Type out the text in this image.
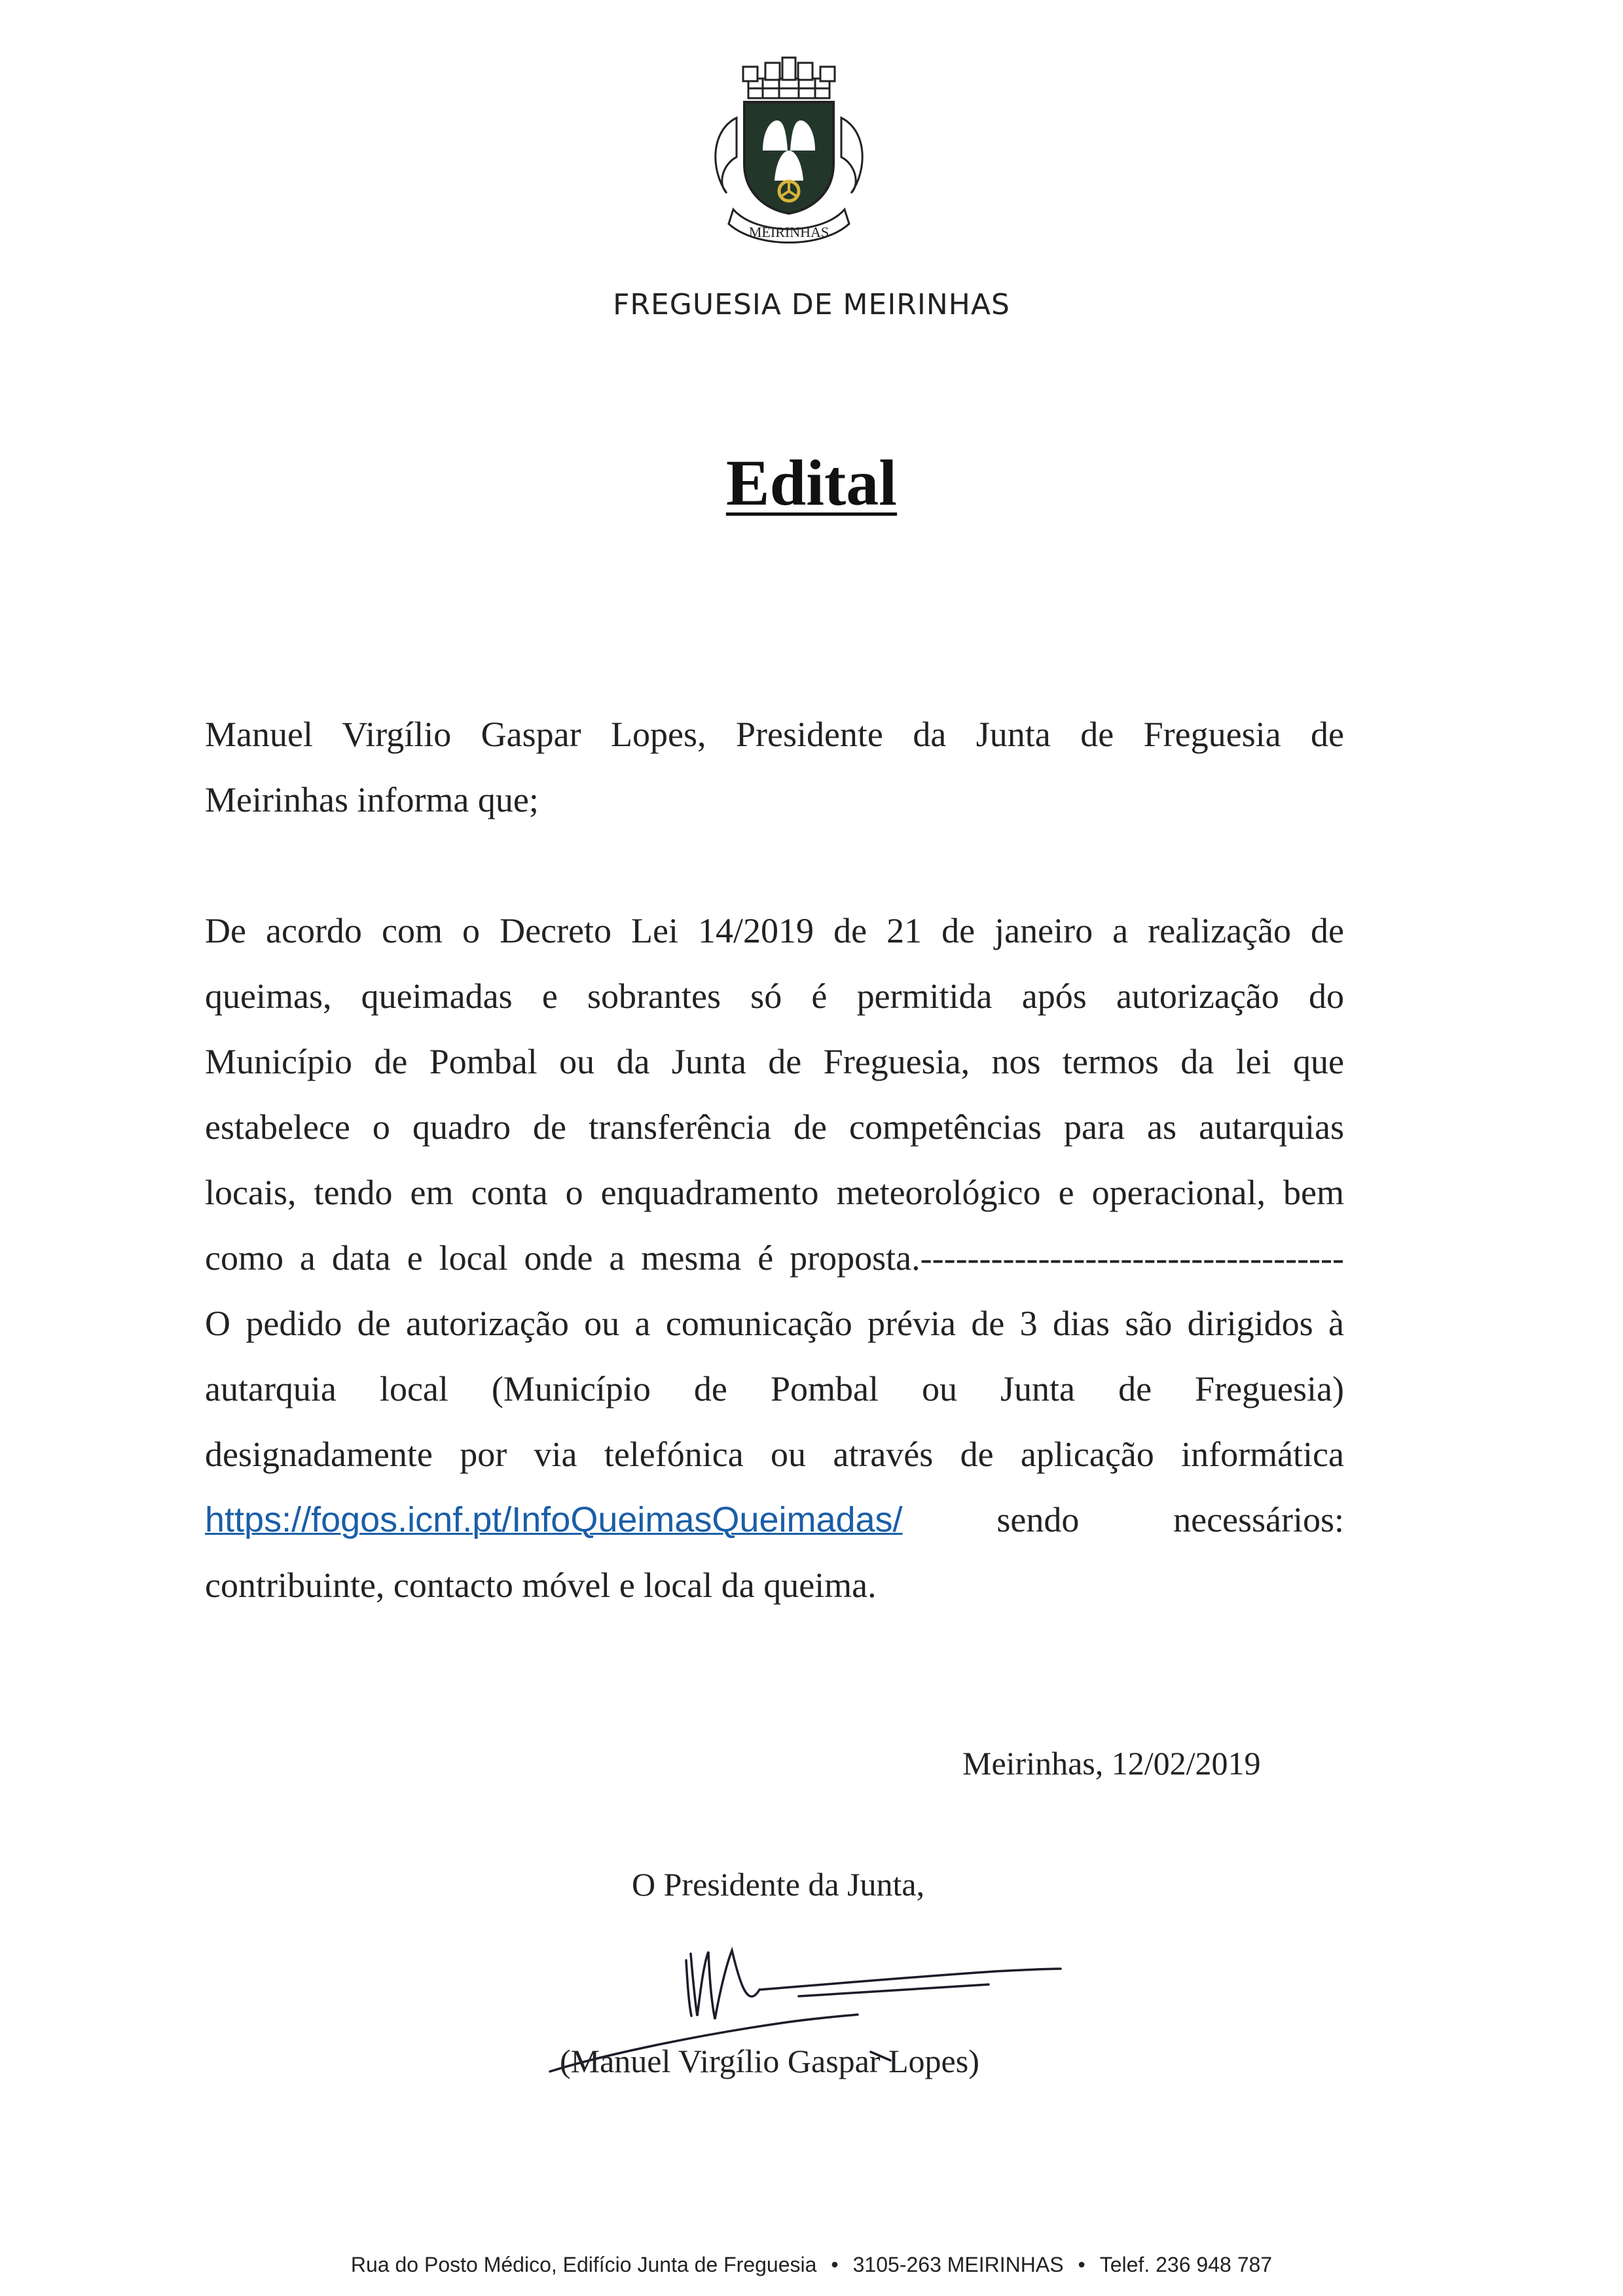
MEIRINHAS
FREGUESIA DE MEIRINHAS
Edital
Manuel Virgílio Gaspar Lopes, Presidente da Junta de Freguesia de
Meirinhas informa que;
De acordo com o Decreto Lei 14/2019 de 21 de janeiro a realização de
queimas, queimadas e sobrantes só é permitida após autorização do
Município de Pombal ou da Junta de Freguesia, nos termos da lei que
estabelece o quadro de transferência de competências para as autarquias
locais, tendo em conta o enquadramento meteorológico e operacional, bem
como a data e local onde a mesma é proposta.------------------------------------
O pedido de autorização ou a comunicação prévia de 3 dias são dirigidos à
autarquia local (Município de Pombal ou Junta de Freguesia)
designadamente por via telefónica ou através de aplicação informática
https://fogos.icnf.pt/InfoQueimasQueimadas/	sendo necessários:
contribuinte, contacto móvel e local da queima.
Meirinhas, 12/02/2019
O Presidente da Junta,
(Manuel Virgílio Gaspar Lopes)
Rua do Posto Médico, Edifício Junta de Freguesia • 3105-263 MEIRINHAS • Telef. 236 948 787
